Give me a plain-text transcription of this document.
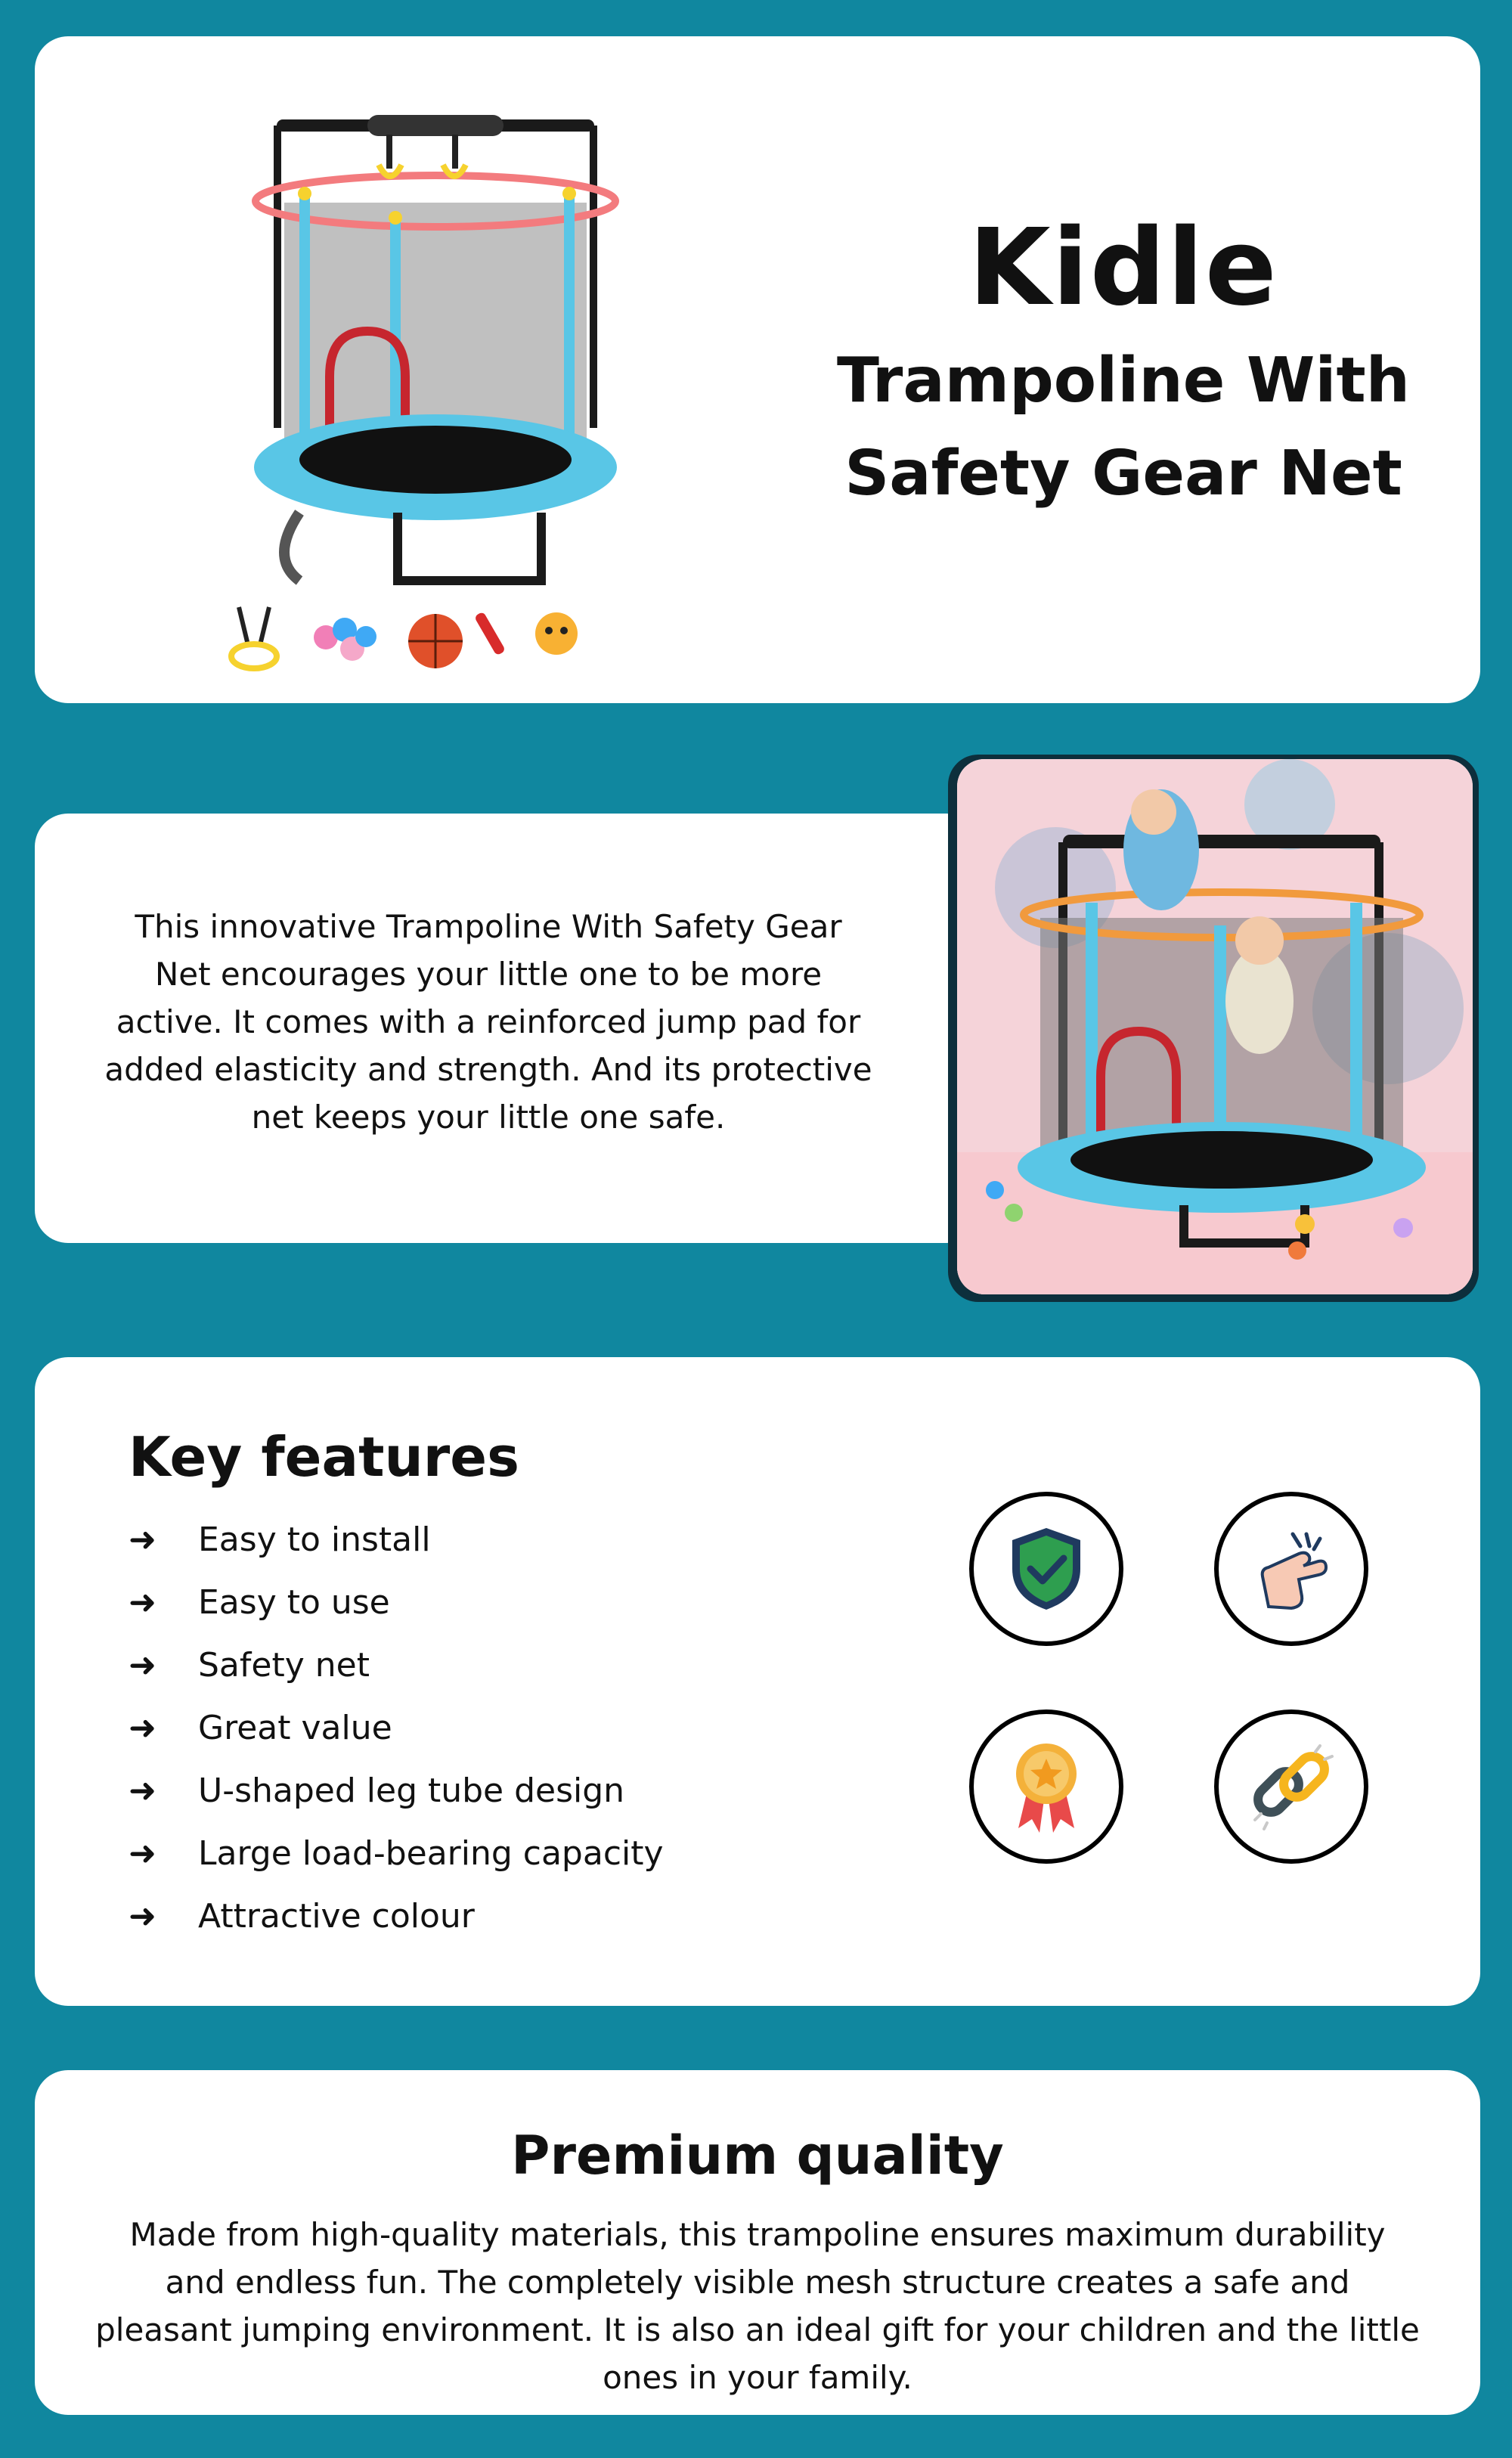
Kidle
Trampoline With
Safety Gear Net
This innovative Trampoline With Safety Gear Net encourages your little one to be more active. It comes with a reinforced jump pad for added elasticity and strength. And its protective net keeps your little one safe.
Key features
➜	Easy to install
➜	Easy to use
➜	Safety net
➜	Great value
➜	U-shaped leg tube design
➜	Large load-bearing capacity
➜	Attractive colour
Premium quality
Made from high-quality materials, this trampoline ensures maximum durability and endless fun. The completely visible mesh structure creates a safe and pleasant jumping environment. It is also an ideal gift for your children and the little ones in your family.
